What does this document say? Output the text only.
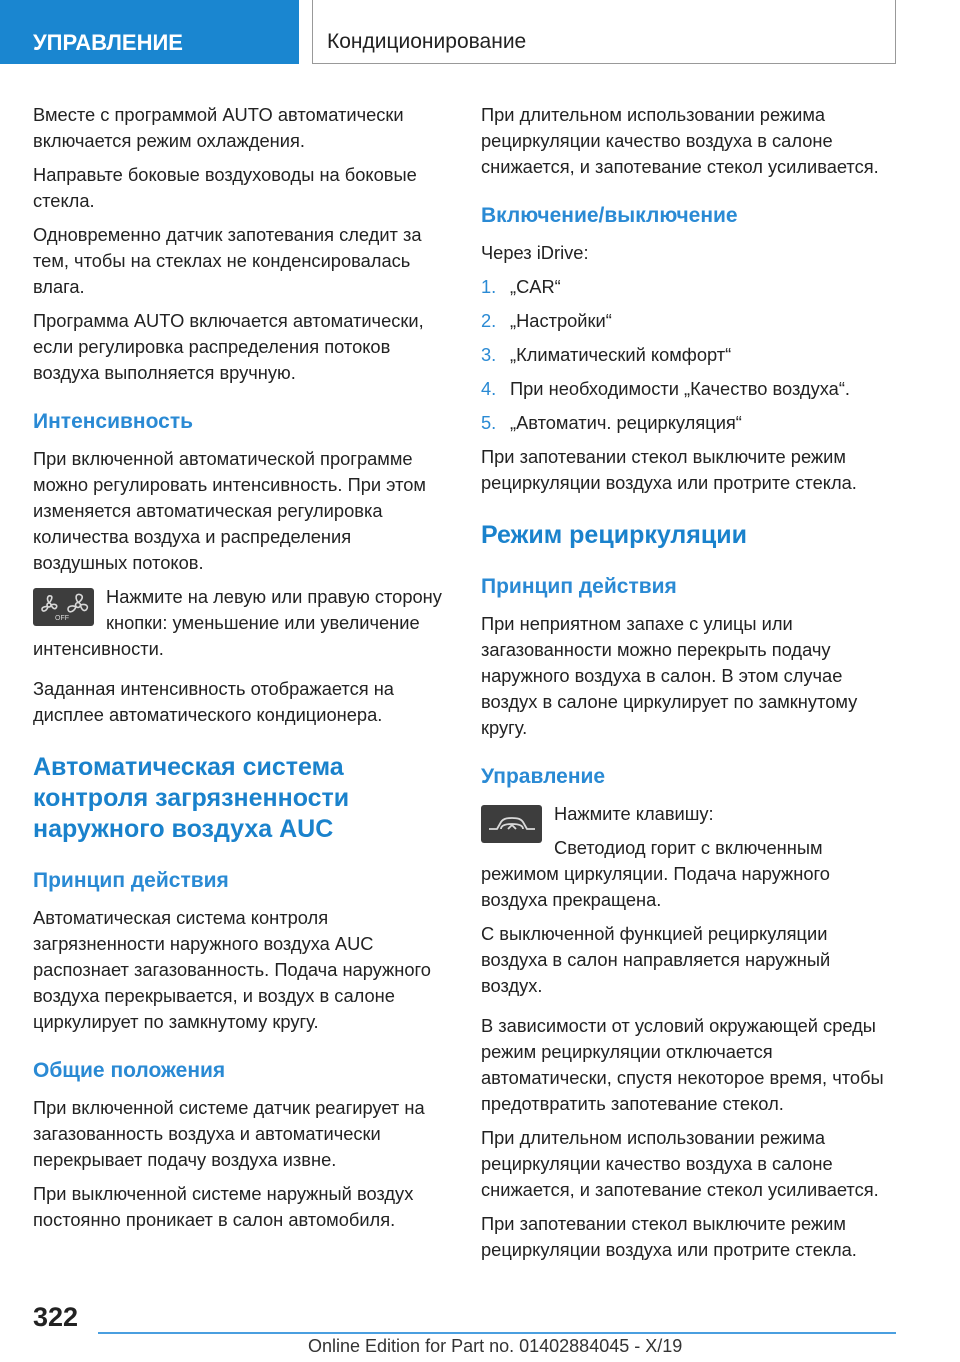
УПРАВЛЕНИЕ	Кондиционирование

Вместе с программой AUTO автоматически включается режим охлаждения.

Направьте боковые воздуховоды на боковые стекла.

Одновременно датчик запотевания следит за тем, чтобы на стеклах не конденсировалась влага.

Программа AUTO включается автоматически, если регулировка распределения потоков воздуха выполняется вручную.

Интенсивность

При включенной автоматической программе можно регулировать интенсивность. При этом изменяется автоматическая регулировка количества воздуха и распределения воздушных потоков.

OFF

Нажмите на левую или правую сторону кнопки: уменьшение или увеличение интенсивности.

Заданная интенсивность отображается на дисплее автоматического кондиционера.

Автоматическая система контроля загрязненности наружного воздуха AUC
Принцип действия

Автоматическая система контроля загрязненности наружного воздуха AUC распознает загазованность. Подача наружного воздуха перекрывается, и воздух в салоне циркулирует по замкнутому кругу.

Общие положения

При включенной системе датчик реагирует на загазованность воздуха и автоматически перекрывает подачу воздуха извне.

При выключенной системе наружный воздух постоянно проникает в салон автомобиля.

При длительном использовании режима рециркуляции качество воздуха в салоне снижается, и запотевание стекол усиливается.

Включение/выключение

Через iDrive:

1. „CAR“
2. „Настройки“
3. „Климатический комфорт“
4. При необходимости „Качество воздуха“.
5. „Автоматич. рециркуляция“

При запотевании стекол выключите режим рециркуляции воздуха или протрите стекла.

Режим рециркуляции
Принцип действия

При неприятном запахе с улицы или загазованности можно перекрыть подачу наружного воздуха в салон. В этом случае воздух в салоне циркулирует по замкнутому кругу.

Управление

Нажмите клавишу:

Светодиод горит с включенным режимом циркуляции. Подача наружного воздуха прекращена.

С выключенной функцией рециркуляции воздуха в салон направляется наружный воздух.

В зависимости от условий окружающей среды режим рециркуляции отключается автоматически, спустя некоторое время, чтобы предотвратить запотевание стекол.

При длительном использовании режима рециркуляции качество воздуха в салоне снижается, и запотевание стекол усиливается.

При запотевании стекол выключите режим рециркуляции воздуха или протрите стекла.

322
Online Edition for Part no. 01402884045 - X/19
